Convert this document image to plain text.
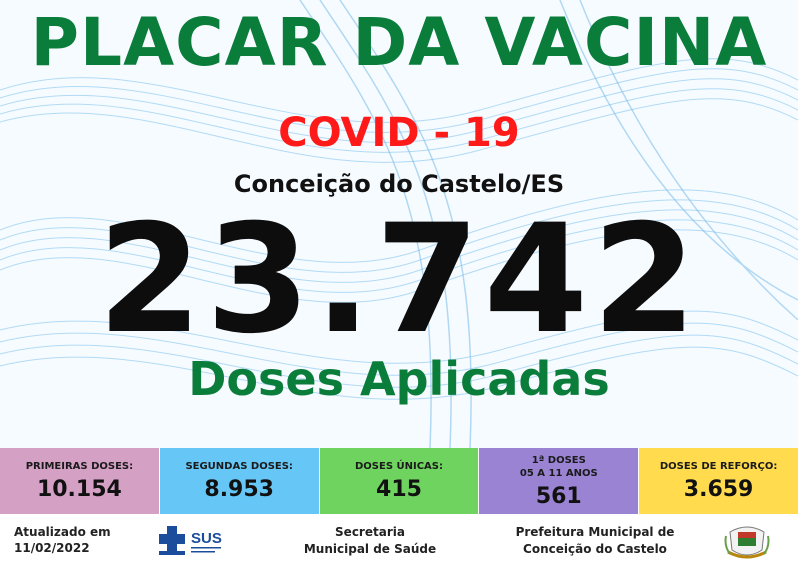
PLACAR DA VACINA
COVID - 19
Conceição do Castelo/ES
23.742
Doses Aplicadas
PRIMEIRAS DOSES:
10.154
SEGUNDAS DOSES:
8.953
DOSES ÚNICAS:
415
1ª DOSES
05 A 11 ANOS
561
DOSES DE REFORÇO:
3.659
Atualizado em
11/02/2022
SUS	Secretaria
Municipal de Saúde
Prefeitura Municipal de
Conceição do Castelo
